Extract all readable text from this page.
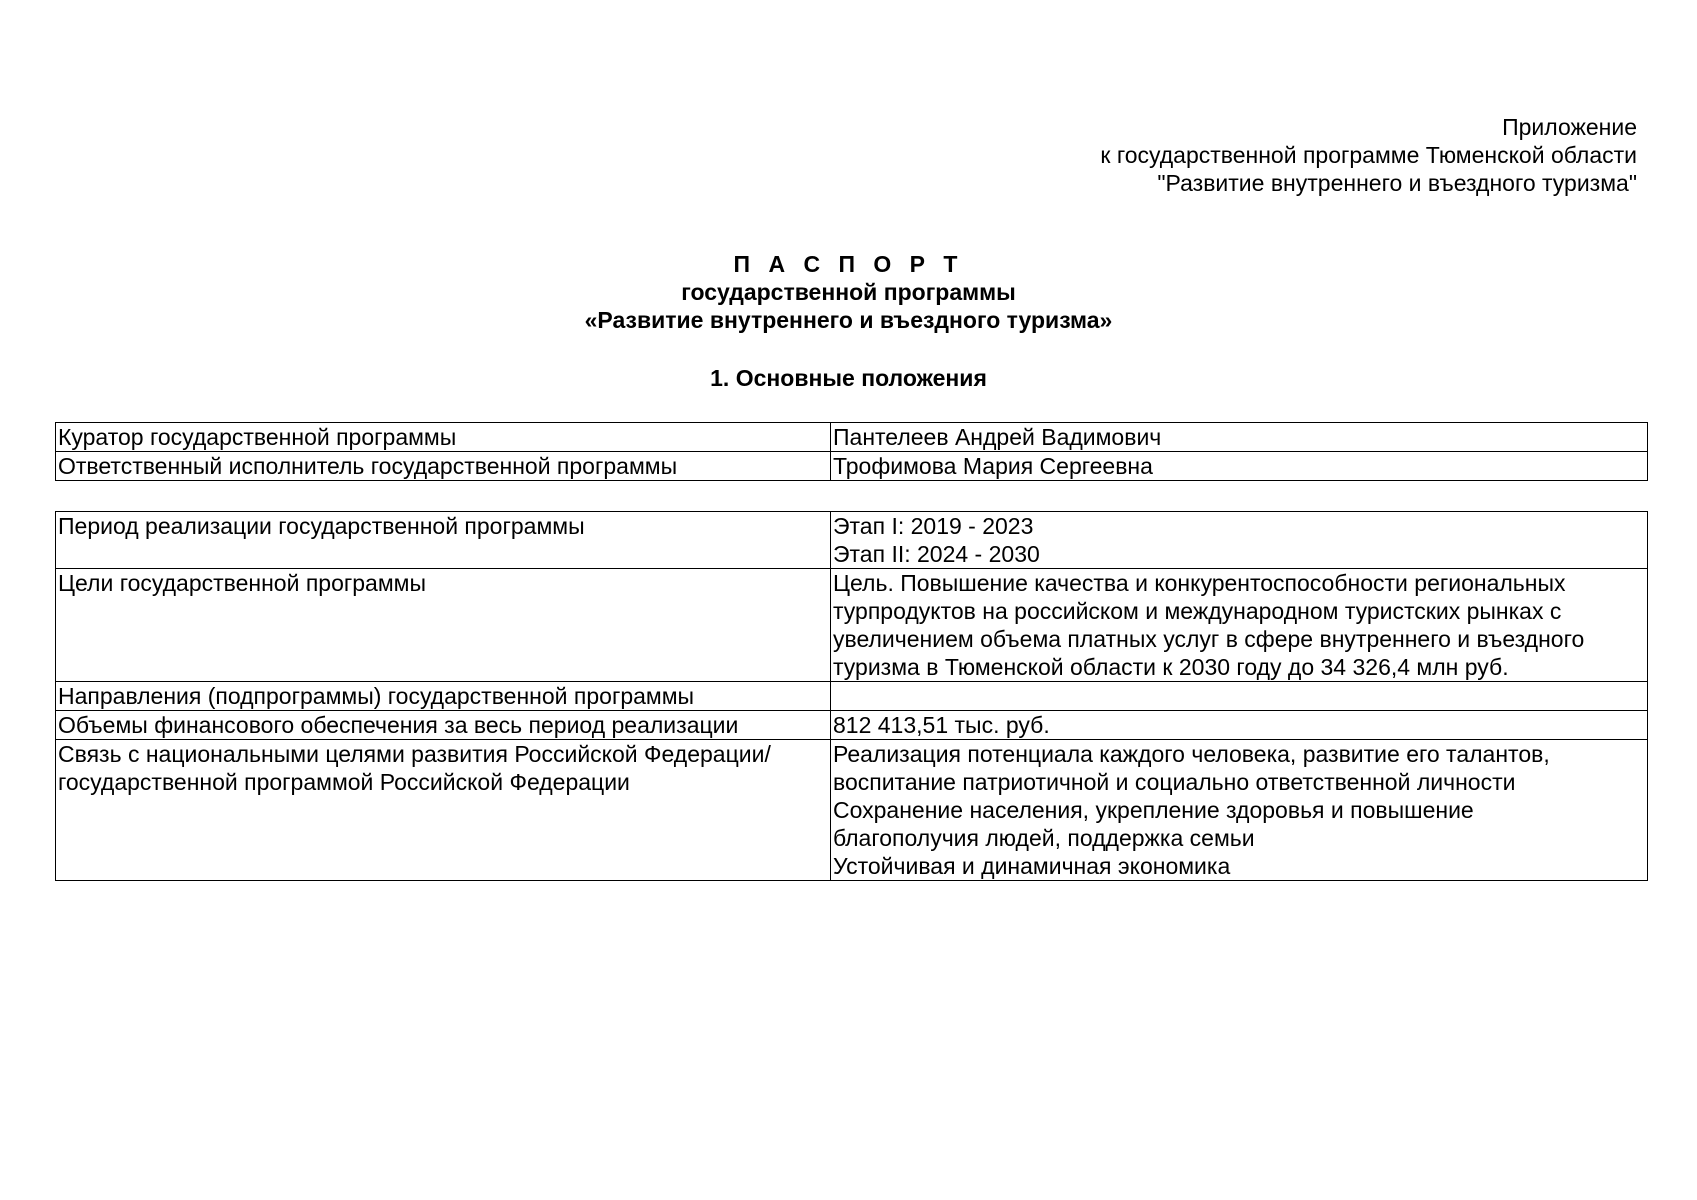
Приложение
к государственной программе Тюменской области
"Развитие внутреннего и въездного туризма"
П А С П О Р Т
государственной программы
«Развитие внутреннего и въездного туризма»
1. Основные положения
Куратор государственной программы	Пантелеев Андрей Вадимович
Ответственный исполнитель государственной программы	Трофимова Мария Сергеевна
Период реализации государственной программы	Этап I: 2019 - 2023
Этап II: 2024 - 2030

Цели государственной программы	Цель. Повышение качества и конкурентоспособности региональных
турпродуктов на российском и международном туристских рынках с
увеличением объема платных услуг в сфере внутреннего и въездного
туризма в Тюменской области к 2030 году до 34 326,4 млн руб.

Направления (подпрограммы) государственной программы	
Объемы финансового обеспечения за весь период реализации	812 413,51 тыс. руб.

Связь с национальными целями развития Российской Федерации/
государственной программой Российской Федерации	Реализация потенциала каждого человека, развитие его талантов,
воспитание патриотичной и социально ответственной личности
Сохранение населения, укрепление здоровья и повышение
благополучия людей, поддержка семьи
Устойчивая и динамичная экономика
